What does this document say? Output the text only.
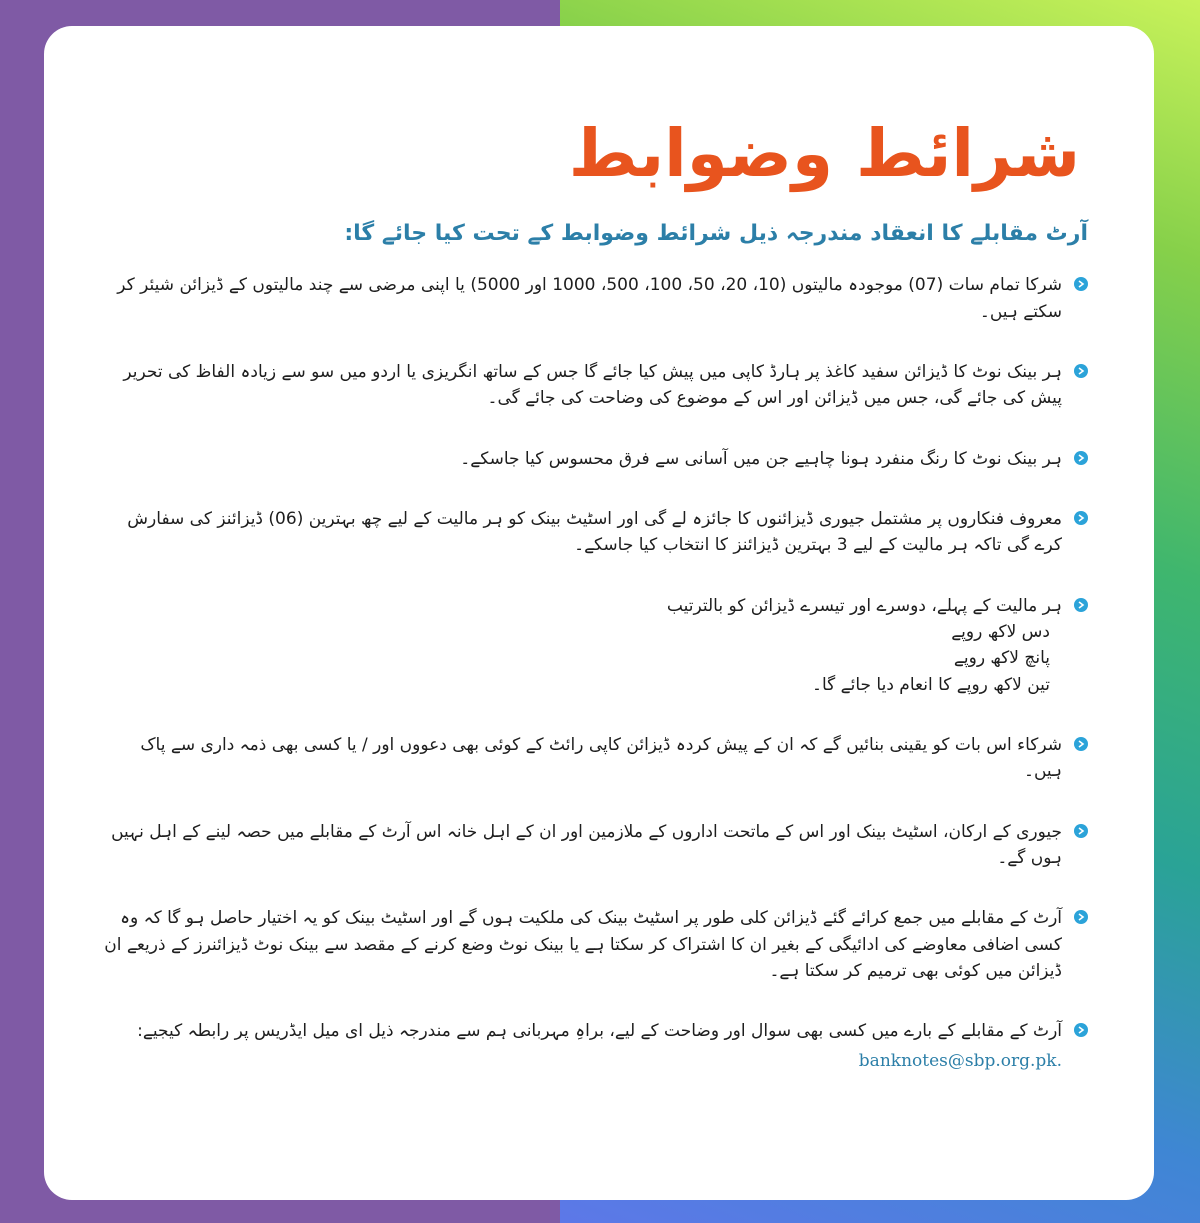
شرائط وضوابط
آرٹ مقابلے کا انعقاد مندرجہ ذیل شرائط وضوابط کے تحت کیا جائے گا:
شرکا تمام سات (07) موجودہ مالیتوں (10، 20، 50، 100، 500، 1000 اور 5000) یا اپنی مرضی سے چند مالیتوں کے ڈیزائن شیئر کر سکتے ہیں۔
ہر بینک نوٹ کا ڈیزائن سفید کاغذ پر ہارڈ کاپی میں پیش کیا جائے گا جس کے ساتھ انگریزی یا اردو میں سو سے زیادہ الفاظ کی تحریر پیش کی جائے گی، جس میں ڈیزائن اور اس کے موضوع کی وضاحت کی جائے گی۔
ہر بینک نوٹ کا رنگ منفرد ہونا چاہیے جن میں آسانی سے فرق محسوس کیا جاسکے۔
معروف فنکاروں پر مشتمل جیوری ڈیزائنوں کا جائزہ لے گی اور اسٹیٹ بینک کو ہر مالیت کے لیے چھ بہترین (06) ڈیزائنز کی سفارش کرے گی تاکہ ہر مالیت کے لیے 3 بہترین ڈیزائنز کا انتخاب کیا جاسکے۔
ہر مالیت کے پہلے، دوسرے اور تیسرے ڈیزائن کو بالترتیب
دس لاکھ روپے
پانچ لاکھ روپے
تین لاکھ روپے کا انعام دیا جائے گا۔
شرکاء اس بات کو یقینی بنائیں گے کہ ان کے پیش کردہ ڈیزائن کاپی رائٹ کے کوئی بھی دعووں اور / یا کسی بھی ذمہ داری سے پاک ہیں۔
جیوری کے ارکان، اسٹیٹ بینک اور اس کے ماتحت اداروں کے ملازمین اور ان کے اہل خانہ اس آرٹ کے مقابلے میں حصہ لینے کے اہل نہیں ہوں گے۔
آرٹ کے مقابلے میں جمع کرائے گئے ڈیزائن کلی طور پر اسٹیٹ بینک کی ملکیت ہوں گے اور اسٹیٹ بینک کو یہ اختیار حاصل ہو گا کہ وہ کسی اضافی معاوضے کی ادائیگی کے بغیر ان کا اشتراک کر سکتا ہے یا بینک نوٹ وضع کرنے کے مقصد سے بینک نوٹ ڈیزائنرز کے ذریعے ان ڈیزائن میں کوئی بھی ترمیم کر سکتا ہے۔
آرٹ کے مقابلے کے بارے میں کسی بھی سوال اور وضاحت کے لیے، براہِ مہربانی ہم سے مندرجہ ذیل ای میل ایڈریس پر رابطہ کیجیے:
banknotes@sbp.org.pk.
